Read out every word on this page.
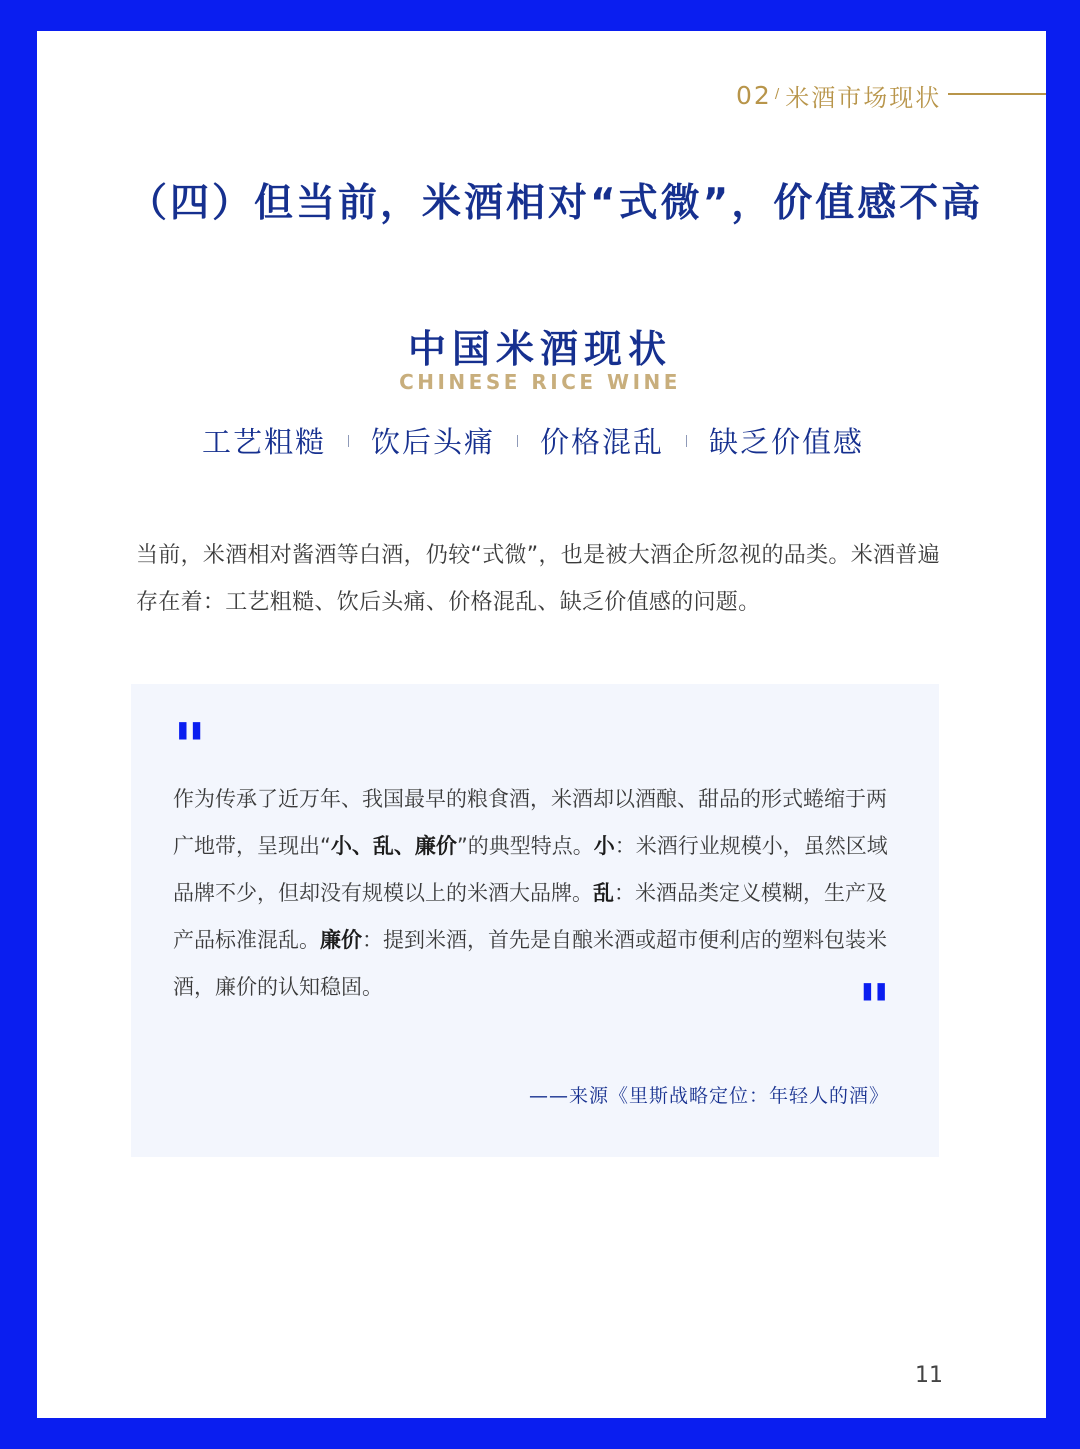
02 / 米酒市场现状
（四）但当前，米酒相对“式微”，价值感不高
中国米酒现状
CHINESE RICE WINE
工艺粗糙 饮后头痛 价格混乱 缺乏价值感
当前，米酒相对酱酒等白酒，仍较“式微”，也是被大酒企所忽视的品类。米酒普遍存在着：工艺粗糙、饮后头痛、价格混乱、缺乏价值感的问题。
"
作为传承了近万年、我国最早的粮食酒，米酒却以酒酿、甜品的形式蜷缩于两广地带，呈现出“小、乱、廉价”的典型特点。小：米酒行业规模小，虽然区域品牌不少，但却没有规模以上的米酒大品牌。乱：米酒品类定义模糊，生产及产品标准混乱。廉价：提到米酒，首先是自酿米酒或超市便利店的塑料包装米酒，廉价的认知稳固。	"
——来源《里斯战略定位：年轻人的酒》
11
